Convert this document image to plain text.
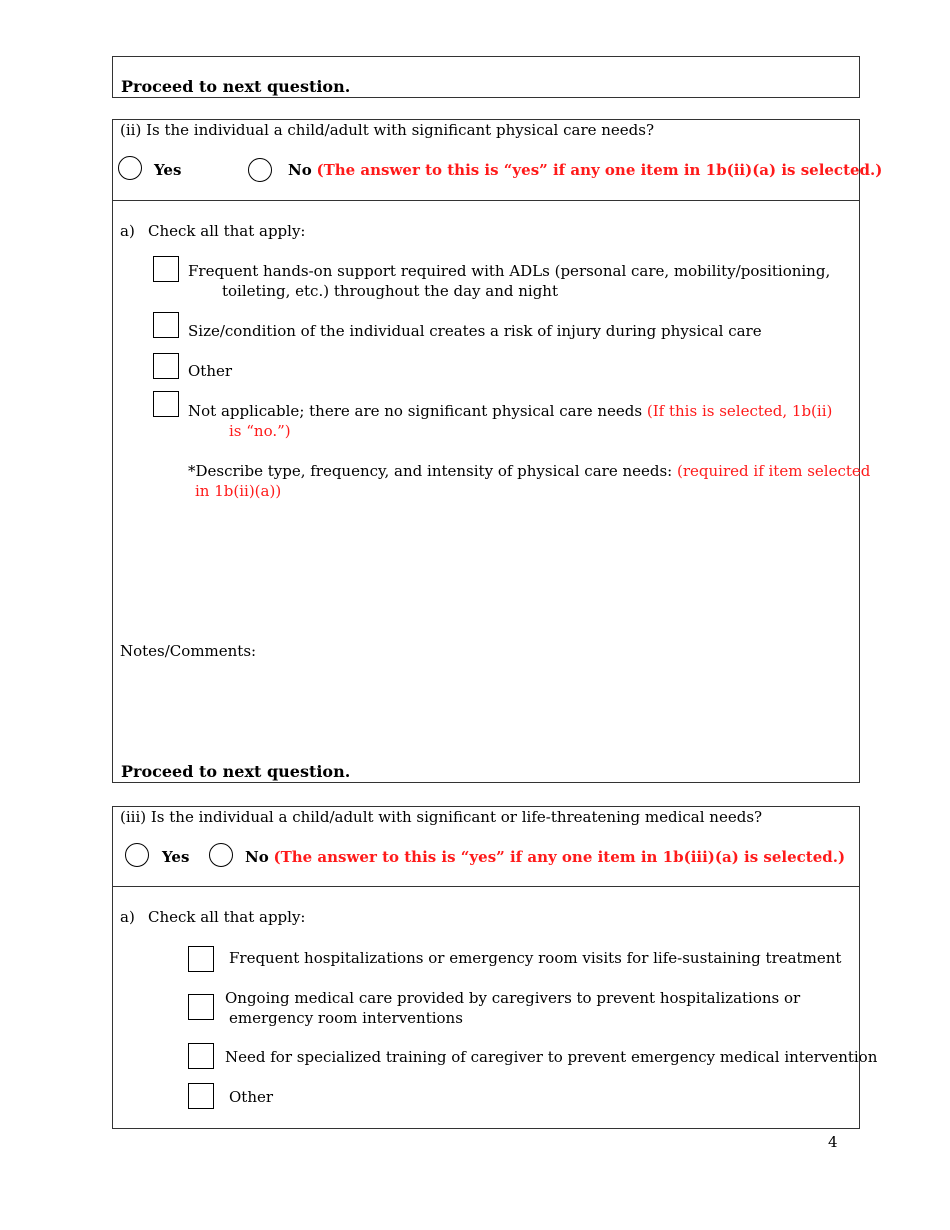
Proceed to next question.
(ii) Is the individual a child/adult with significant physical care needs?
Yes	No (The answer to this is “yes” if any one item in 1b(ii)(a) is selected.)
a) Check all that apply:
Frequent hands-on support required with ADLs (personal care, mobility/positioning,
toileting, etc.) throughout the day and night
Size/condition of the individual creates a risk of injury during physical care
Other
Not applicable; there are no significant physical care needs (If this is selected, 1b(ii)
is “no.”)
*Describe type, frequency, and intensity of physical care needs: (required if item selected
in 1b(ii)(a))
Notes/Comments:
Proceed to next question.
(iii) Is the individual a child/adult with significant or life-threatening medical needs?
Yes	No (The answer to this is “yes” if any one item in 1b(iii)(a) is selected.)
a) Check all that apply:
Frequent hospitalizations or emergency room visits for life-sustaining treatment
Ongoing medical care provided by caregivers to prevent hospitalizations or
emergency room interventions
Need for specialized training of caregiver to prevent emergency medical intervention
Other
4
